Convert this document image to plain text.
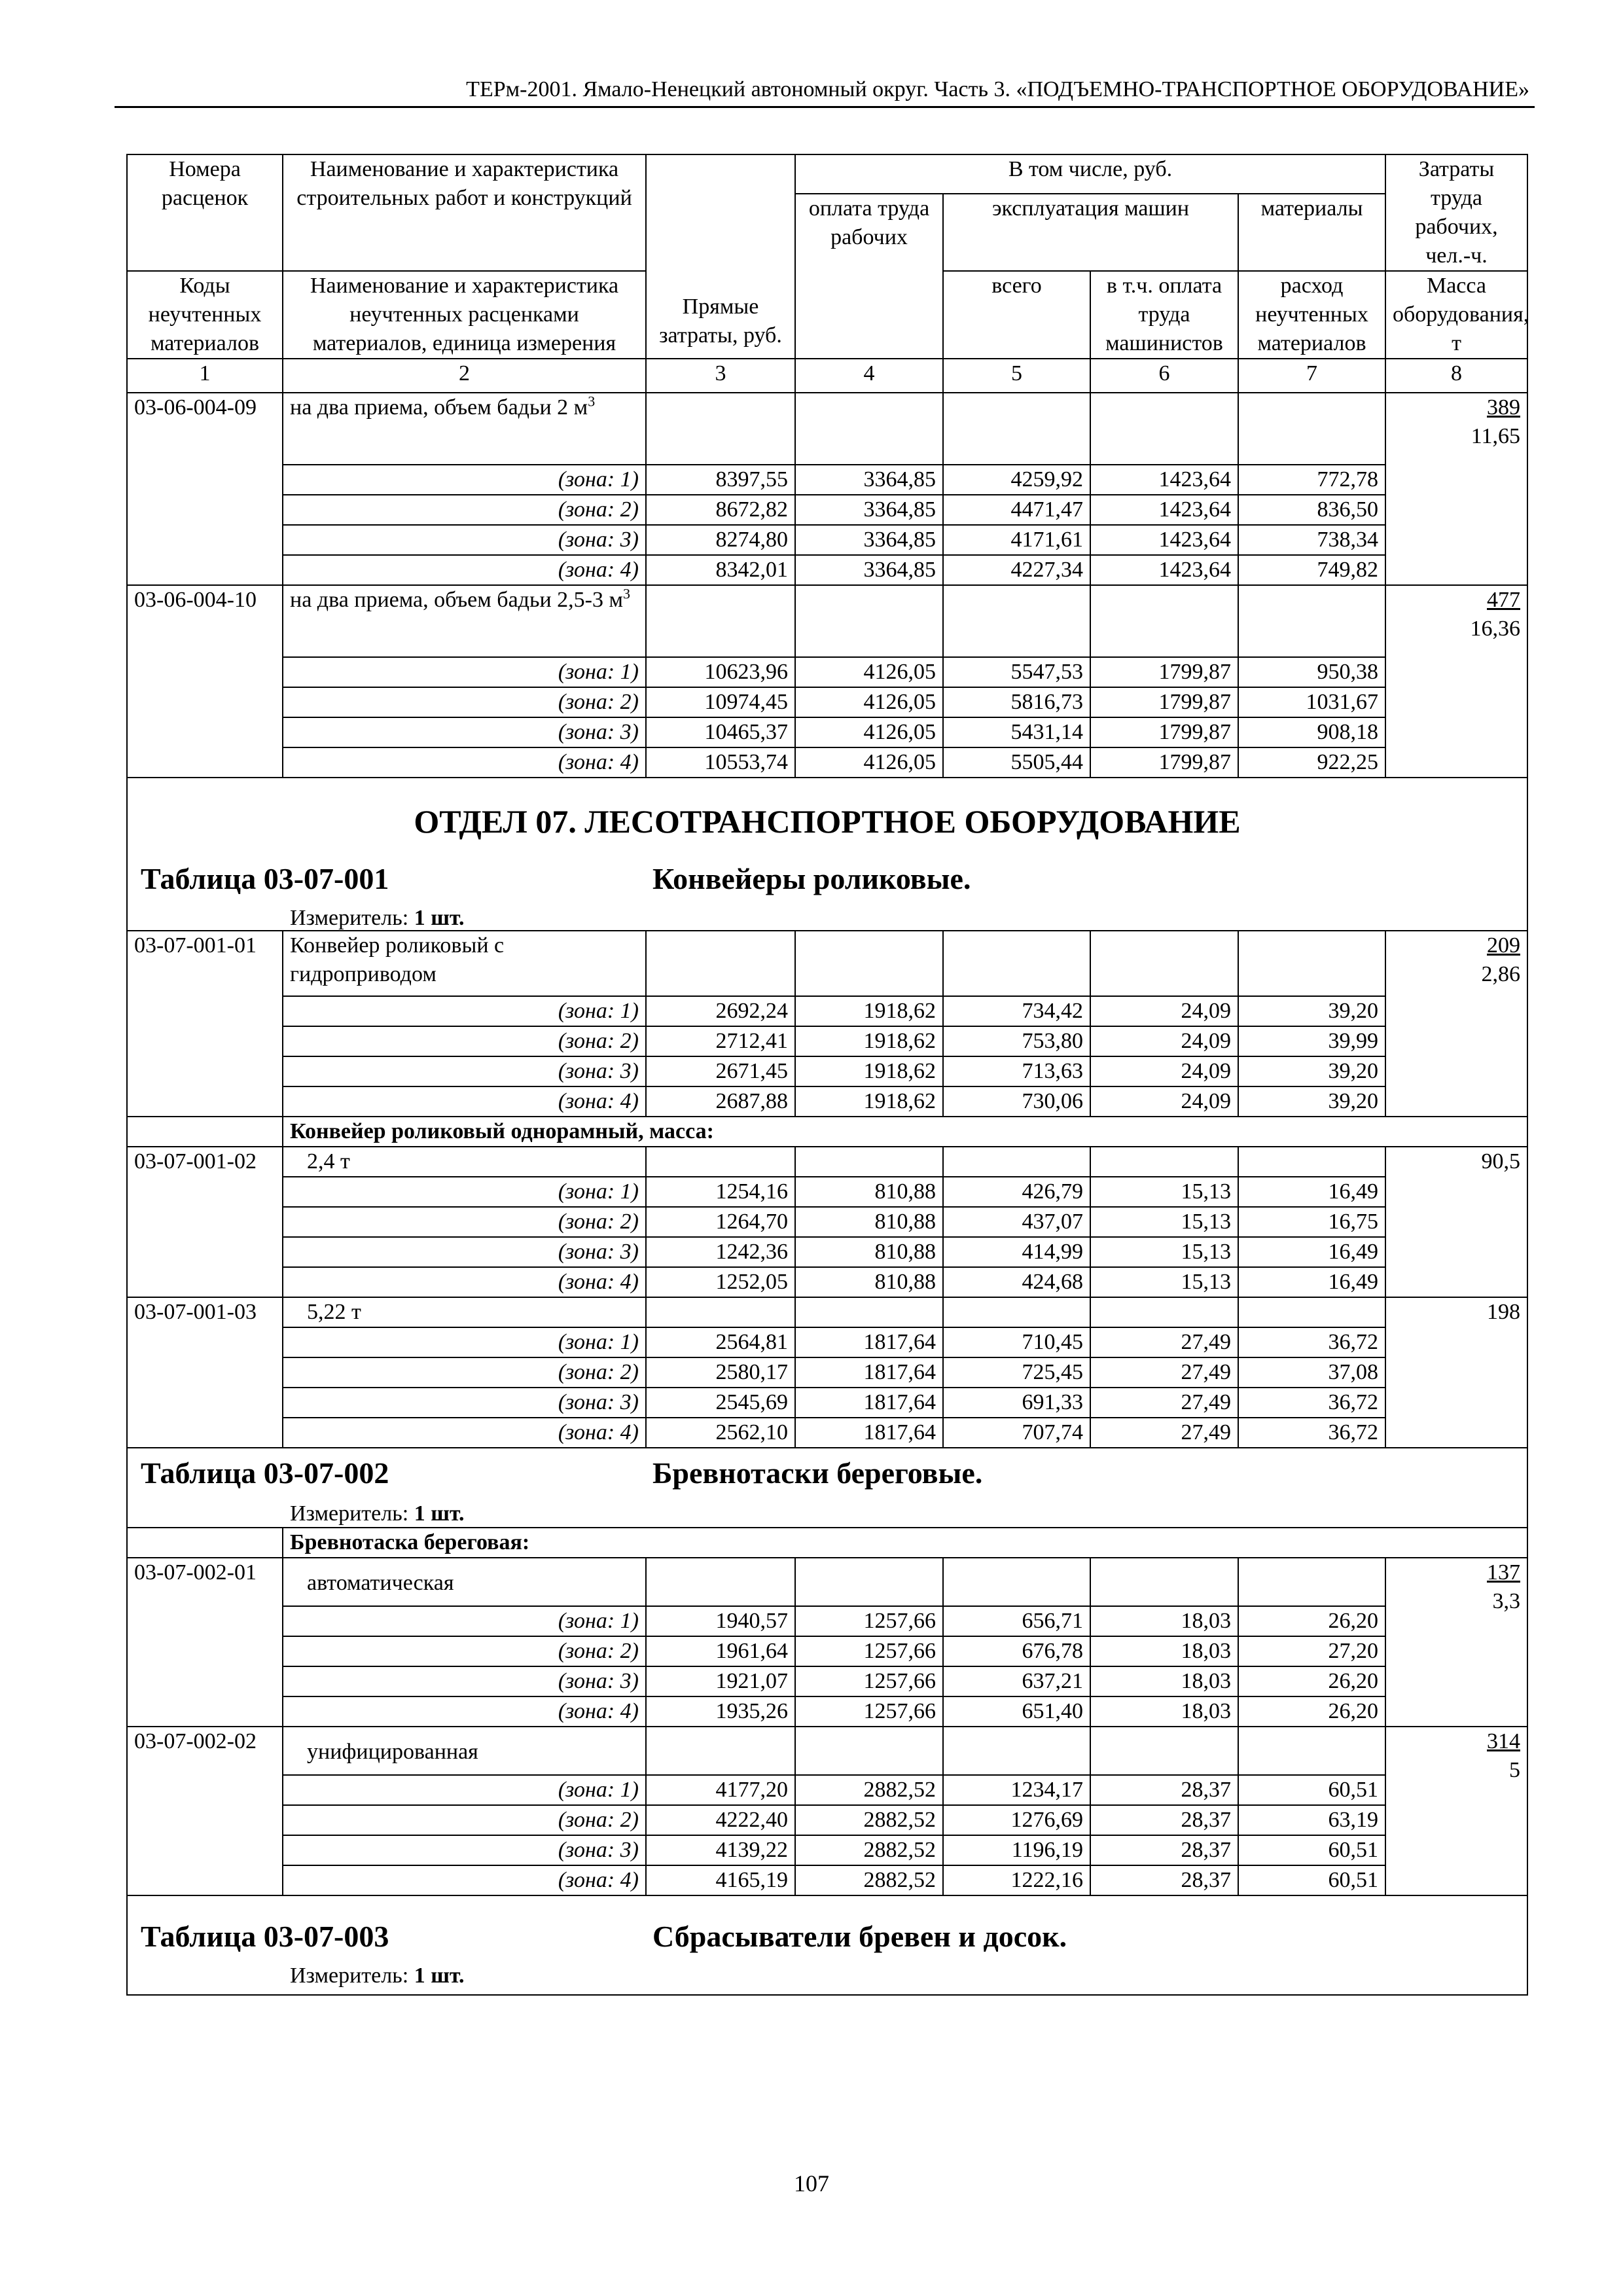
ТЕРм-2001. Ямало-Ненецкий автономный округ. Часть 3. «ПОДЪЕМНО-ТРАНСПОРТНОЕ ОБОРУДОВАНИЕ»
Номера расценок	Наименование и характеристика строительных работ и конструкций	Прямые затраты, руб.	В том числе, руб.				Затраты труда рабочих, чел.-ч.
			оплата труда рабочих	эксплуатация машин		материалы	
Коды неучтенных материалов	Наименование и характеристика неучтенных расценками материалов, единица измерения			всего	в т.ч. оплата труда машинистов	расход неучтенных материалов	Масса оборудования, т
1	2	3	4	5	6	7	8
03-06-004-09	на два приема, объем бадьи 2 $м^3$						389
11,65

	(зона: 1)	8397,55	3364,85	4259,92	1423,64	772,78	
	(зона: 2)	8672,82	3364,85	4471,47	1423,64	836,50	
	(зона: 3)	8274,80	3364,85	4171,61	1423,64	738,34	
	(зона: 4)	8342,01	3364,85	4227,34	1423,64	749,82	
03-06-004-10	на два приема, объем бадьи 2,5-3 $м^3$						477
16,36

	(зона: 1)	10623,96	4126,05	5547,53	1799,87	950,38	
	(зона: 2)	10974,45	4126,05	5816,73	1799,87	1031,67	
	(зона: 3)	10465,37	4126,05	5431,14	1799,87	908,18	
	(зона: 4)	10553,74	4126,05	5505,44	1799,87	922,25	

ОТДЕЛ 07. ЛЕСОТРАНСПОРТНОЕ ОБОРУДОВАНИЕ
Таблица 03-07-001 Конвейеры роликовые.
Измеритель: 1 шт.							

03-07-001-01	Конвейер роликовый с гидроприводом						209
2,86

	(зона: 1)	2692,24	1918,62	734,42	24,09	39,20	
	(зона: 2)	2712,41	1918,62	753,80	24,09	39,99	
	(зона: 3)	2671,45	1918,62	713,63	24,09	39,20	
	(зона: 4)	2687,88	1918,62	730,06	24,09	39,20	
	Конвейер роликовый однорамный, масса:						
03-07-001-02	2,4 т						90,5
	(зона: 1)	1254,16	810,88	426,79	15,13	16,49	
	(зона: 2)	1264,70	810,88	437,07	15,13	16,75	
	(зона: 3)	1242,36	810,88	414,99	15,13	16,49	
	(зона: 4)	1252,05	810,88	424,68	15,13	16,49	
03-07-001-03	5,22 т						198
	(зона: 1)	2564,81	1817,64	710,45	27,49	36,72	
	(зона: 2)	2580,17	1817,64	725,45	27,49	37,08	
	(зона: 3)	2545,69	1817,64	691,33	27,49	36,72	
	(зона: 4)	2562,10	1817,64	707,74	27,49	36,72	

Таблица 03-07-002 Бревнотаски береговые.
Измеритель: 1 шт.							

	Бревнотаска береговая:						
03-07-002-01	автоматическая						137
3,3

	(зона: 1)	1940,57	1257,66	656,71	18,03	26,20	
	(зона: 2)	1961,64	1257,66	676,78	18,03	27,20	
	(зона: 3)	1921,07	1257,66	637,21	18,03	26,20	
	(зона: 4)	1935,26	1257,66	651,40	18,03	26,20	
03-07-002-02	унифицированная						314
5

	(зона: 1)	4177,20	2882,52	1234,17	28,37	60,51	
	(зона: 2)	4222,40	2882,52	1276,69	28,37	63,19	
	(зона: 3)	4139,22	2882,52	1196,19	28,37	60,51	
	(зона: 4)	4165,19	2882,52	1222,16	28,37	60,51	

Таблица 03-07-003 Сбрасыватели бревен и досок.
Измеритель: 1 шт.							
107
